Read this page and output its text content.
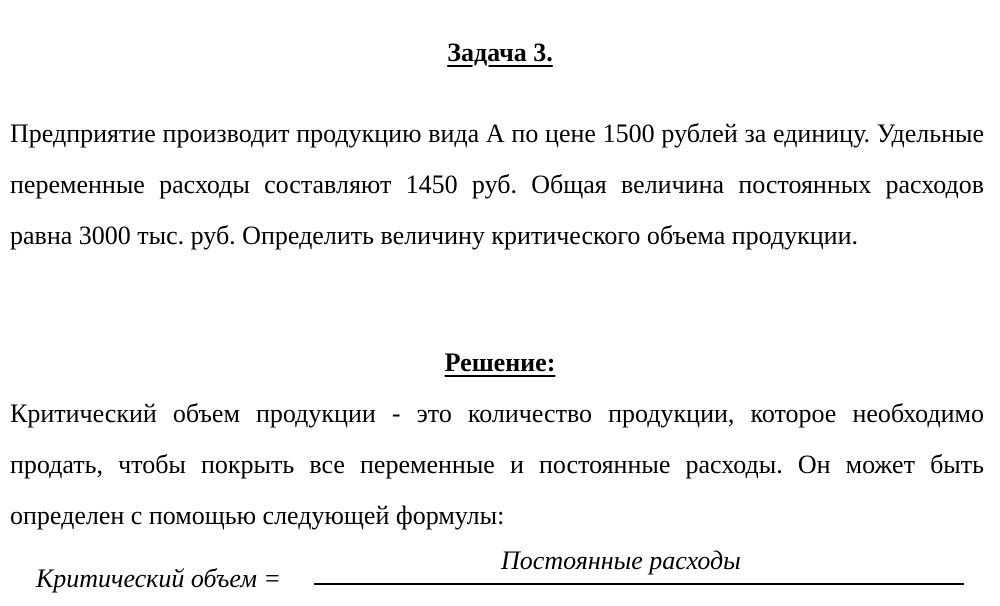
Задача 3.

Предприятие производит продукцию вида А по цене 1500 рублей за единицу. Удельные переменные расходы составляют 1450 руб. Общая величина постоянных расходов равна 3000 тыс. руб. Определить величину критического объема продукции.

Решение:

Критический объем продукции - это количество продукции, которое необходимо продать, чтобы покрыть все переменные и постоянные расходы. Он может быть определен с помощью следующей формулы:

Критический объем =
Постоянные расходы
